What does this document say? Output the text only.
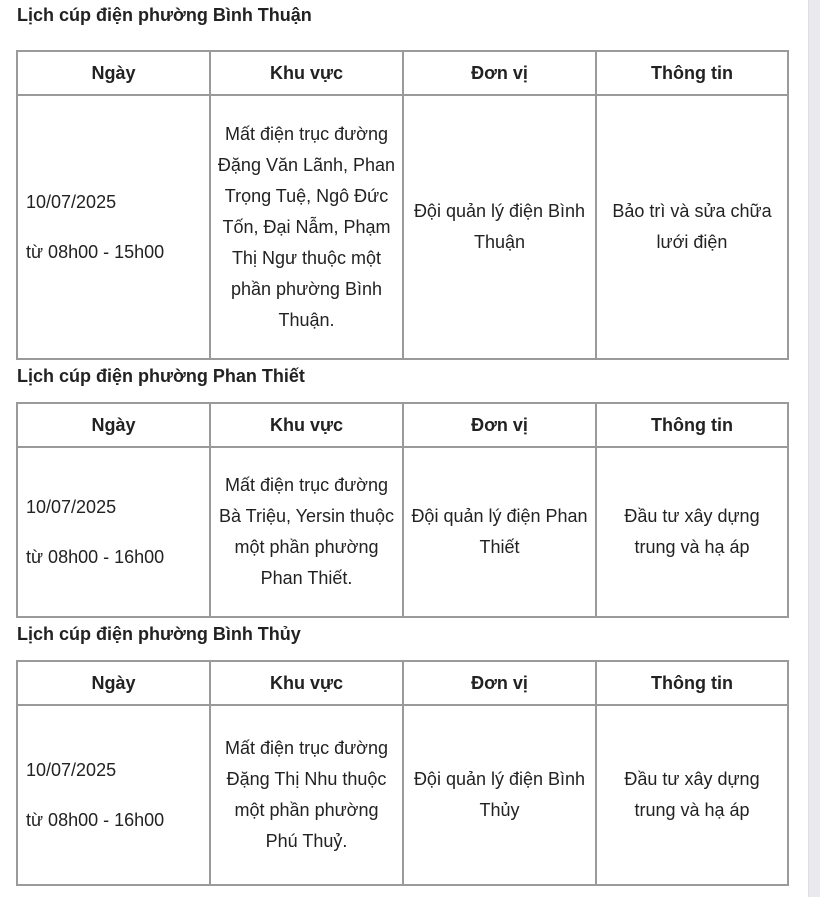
Lịch cúp điện phường Bình Thuận
Ngày	Khu vực	Đơn vị	Thông tin

10/07/2025
từ 08h00 - 15h00	Mất điện trục đường Đặng Văn Lãnh, Phan Trọng Tuệ, Ngô Đức Tốn, Đại Nẫm, Phạm Thị Ngư thuộc một phần phường Bình Thuận.	Đội quản lý điện Bình Thuận	Bảo trì và sửa chữa lưới điện
Lịch cúp điện phường Phan Thiết
Ngày	Khu vực	Đơn vị	Thông tin

10/07/2025
từ 08h00 - 16h00	Mất điện trục đường Bà Triệu, Yersin thuộc một phần phường Phan Thiết.	Đội quản lý điện Phan Thiết	Đầu tư xây dựng trung và hạ áp
Lịch cúp điện phường Bình Thủy
Ngày	Khu vực	Đơn vị	Thông tin

10/07/2025
từ 08h00 - 16h00	Mất điện trục đường Đặng Thị Nhu thuộc một phần phường Phú Thuỷ.	Đội quản lý điện Bình Thủy	Đầu tư xây dựng trung và hạ áp
